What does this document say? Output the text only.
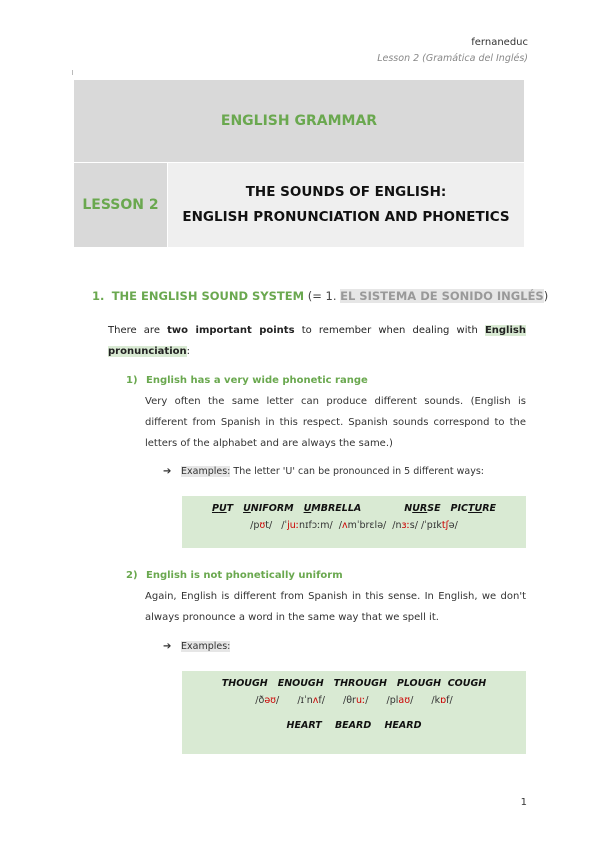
fernaneduc
Lesson 2 (Gramática del Inglés)
ENGLISH GRAMMAR
LESSON 2	
THE SOUNDS OF ENGLISH:
ENGLISH PRONUNCIATION AND PHONETICS
1. THE ENGLISH SOUND SYSTEM (= 1. EL SISTEMA DE SONIDO INGLÉS)
There are two important points to remember when dealing with English pronunciation:
1) English has a very wide phonetic range
Very often the same letter can produce different sounds. (English is different from Spanish in this respect. Spanish sounds correspond to the letters of the alphabet and are always the same.)
➔ Examples: The letter 'U' can be pronounced in 5 different ways:
PUT UNIFORM UMBRELLA	NURSE PICTURE
/pʊt/ /ˈjuːnɪfɔːm/ /ʌmˈbrɛlə/ /nɜːs/ /ˈpɪktʃə/
2) English is not phonetically uniform
Again, English is different from Spanish in this sense. In English, we don't always pronounce a word in the same way that we spell it.
➔ Examples:
THOUGH ENOUGH THROUGH PLOUGH COUGH
/ðəʊ/ /ɪˈnʌf/ /θruː/ /plaʊ/ /kɒf/
HEART BEARD HEARD
1
